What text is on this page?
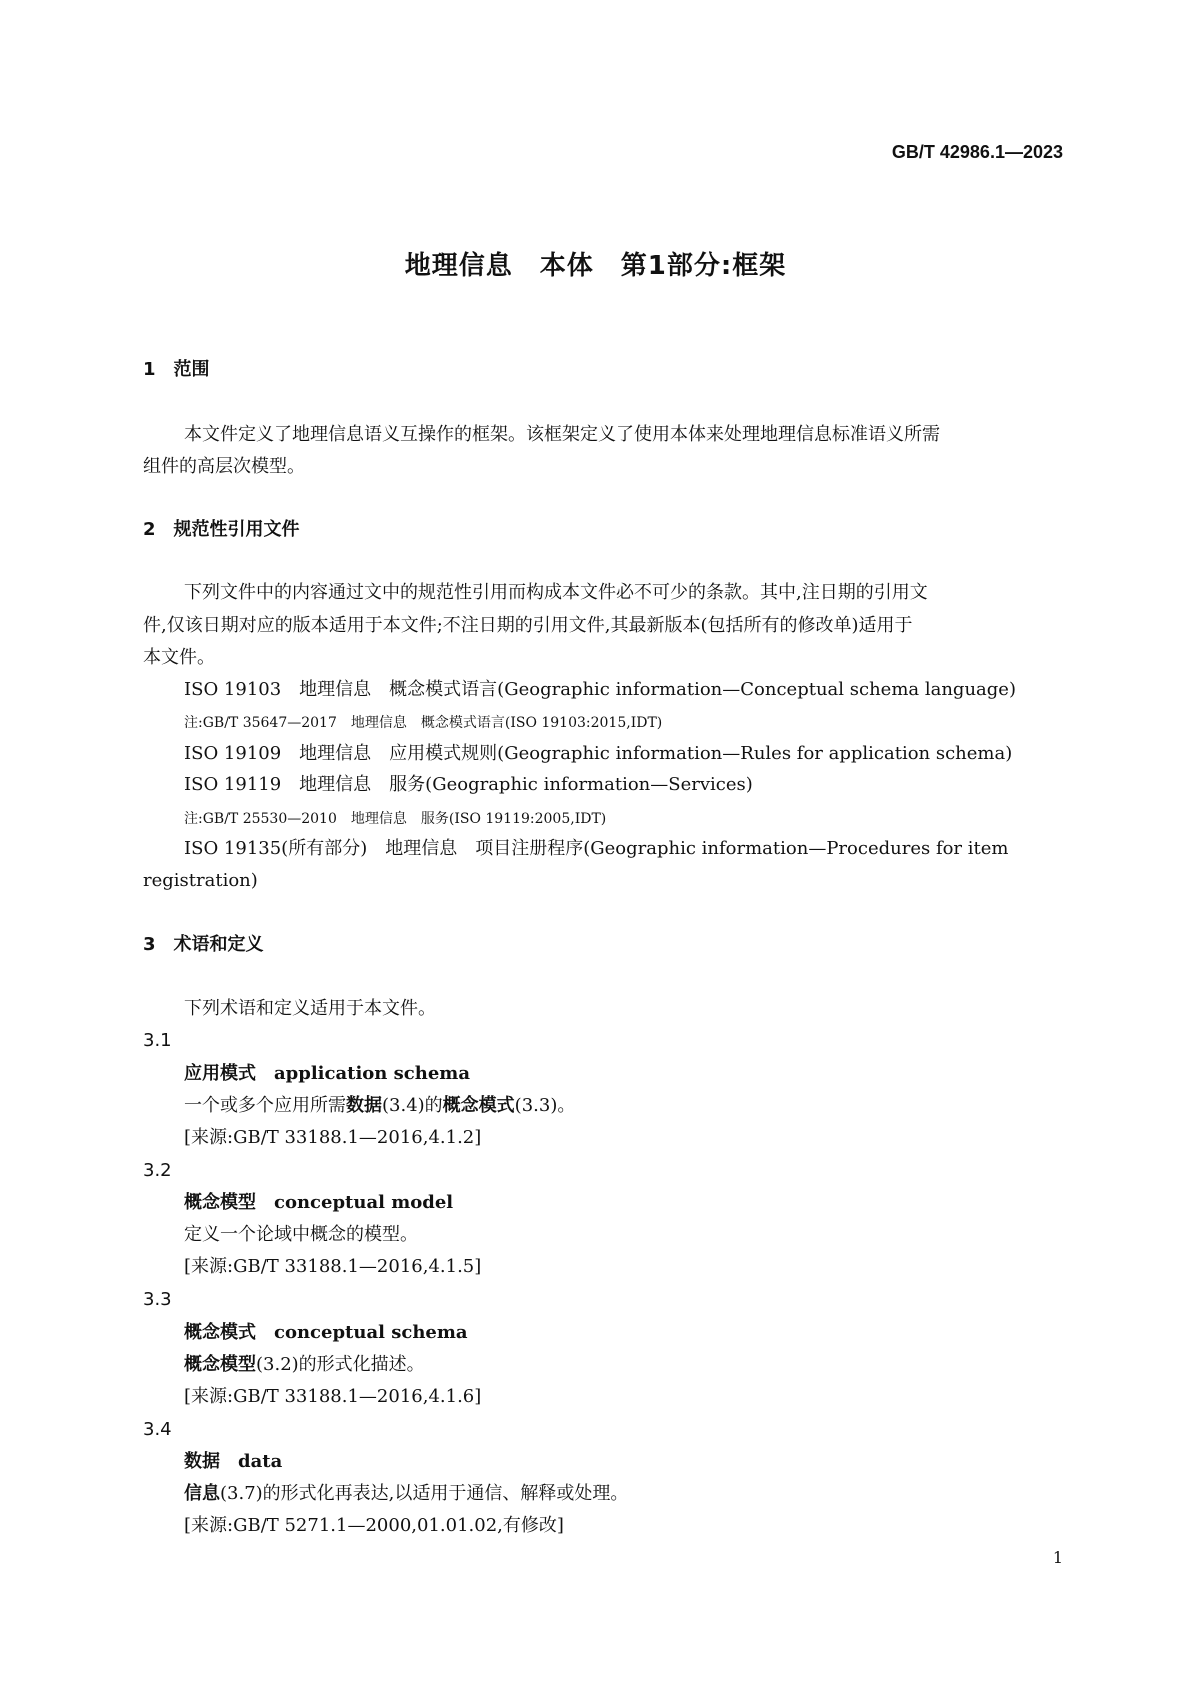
GB/T 42986.1—2023
地理信息　本体　第1部分:框架
1　范围
本文件定义了地理信息语义互操作的框架。该框架定义了使用本体来处理地理信息标准语义所需
组件的高层次模型。
2　规范性引用文件
下列文件中的内容通过文中的规范性引用而构成本文件必不可少的条款。其中,注日期的引用文
件,仅该日期对应的版本适用于本文件;不注日期的引用文件,其最新版本(包括所有的修改单)适用于
本文件。
ISO 19103　地理信息　概念模式语言(Geographic information—Conceptual schema language)
注:GB/T 35647—2017　地理信息　概念模式语言(ISO 19103:2015,IDT)
ISO 19109　地理信息　应用模式规则(Geographic information—Rules for application schema)
ISO 19119　地理信息　服务(Geographic information—Services)
注:GB/T 25530—2010　地理信息　服务(ISO 19119:2005,IDT)
ISO 19135(所有部分)　地理信息　项目注册程序(Geographic information—Procedures for item
registration)
3　术语和定义
下列术语和定义适用于本文件。
3.1
应用模式　application schema
一个或多个应用所需数据(3.4)的概念模式(3.3)。
[来源:GB/T 33188.1—2016,4.1.2]
3.2
概念模型　conceptual model
定义一个论域中概念的模型。
[来源:GB/T 33188.1—2016,4.1.5]
3.3
概念模式　conceptual schema
概念模型(3.2)的形式化描述。
[来源:GB/T 33188.1—2016,4.1.6]
3.4
数据　data
信息(3.7)的形式化再表达,以适用于通信、解释或处理。
[来源:GB/T 5271.1—2000,01.01.02,有修改]
1
